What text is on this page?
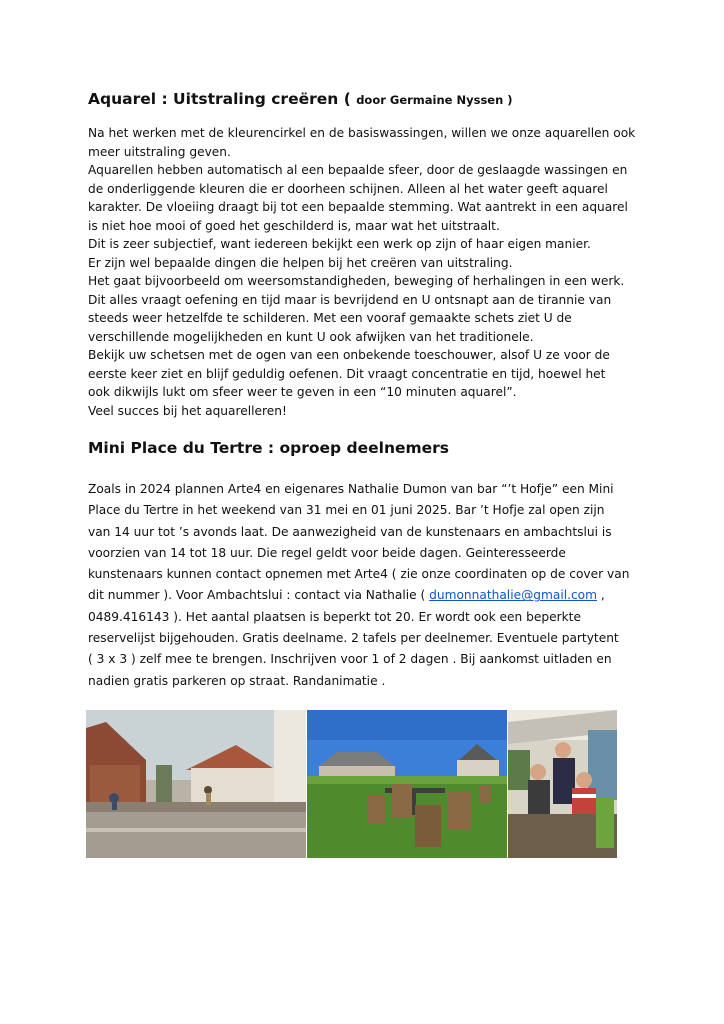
Aquarel : Uitstraling creëren ( door Germaine Nyssen )
Na het werken met de kleurencirkel en de basiswassingen, willen we onze aquarellen ook
meer uitstraling geven.
Aquarellen hebben automatisch al een bepaalde sfeer, door de geslaagde wassingen en
de onderliggende kleuren die er doorheen schijnen. Alleen al het water geeft aquarel
karakter. De vloeiing draagt bij tot een bepaalde stemming. Wat aantrekt in een aquarel
is niet hoe mooi of goed het geschilderd is, maar wat het uitstraalt.
Dit is zeer subjectief, want iedereen bekijkt een werk op zijn of haar eigen manier.
Er zijn wel bepaalde dingen die helpen bij het creëren van uitstraling.
Het gaat bijvoorbeeld om weersomstandigheden, beweging of herhalingen in een werk.
Dit alles vraagt oefening en tijd maar is bevrijdend en U ontsnapt aan de tirannie van
steeds weer hetzelfde te schilderen. Met een vooraf gemaakte schets ziet U de
verschillende mogelijkheden en kunt U ook afwijken van het traditionele.
Bekijk uw schetsen met de ogen van een onbekende toeschouwer, alsof U ze voor de
eerste keer ziet en blijf geduldig oefenen. Dit vraagt concentratie en tijd, hoewel het
ook dikwijls lukt om sfeer weer te geven in een “10 minuten aquarel”.
Veel succes bij het aquarelleren!
Mini Place du Tertre : oproep deelnemers
Zoals in 2024 plannen Arte4 en eigenares Nathalie Dumon van bar “’t Hofje” een Mini
Place du Tertre in het weekend van 31 mei en 01 juni 2025. Bar ’t Hofje zal open zijn
van 14 uur tot ’s avonds laat. De aanwezigheid van de kunstenaars en ambachtslui is
voorzien van 14 tot 18 uur. Die regel geldt voor beide dagen. Geinteresseerde
kunstenaars kunnen contact opnemen met Arte4 ( zie onze coordinaten op de cover van
dit nummer ). Voor Ambachtslui : contact via Nathalie ( dumonnathalie@gmail.com ,
0489.416143 ). Het aantal plaatsen is beperkt tot 20. Er wordt ook een beperkte
reservelijst bijgehouden. Gratis deelname. 2 tafels per deelnemer. Eventuele partytent
( 3 x 3 ) zelf mee te brengen. Inschrijven voor 1 of 2 dagen . Bij aankomst uitladen en
nadien gratis parkeren op straat. Randanimatie .
